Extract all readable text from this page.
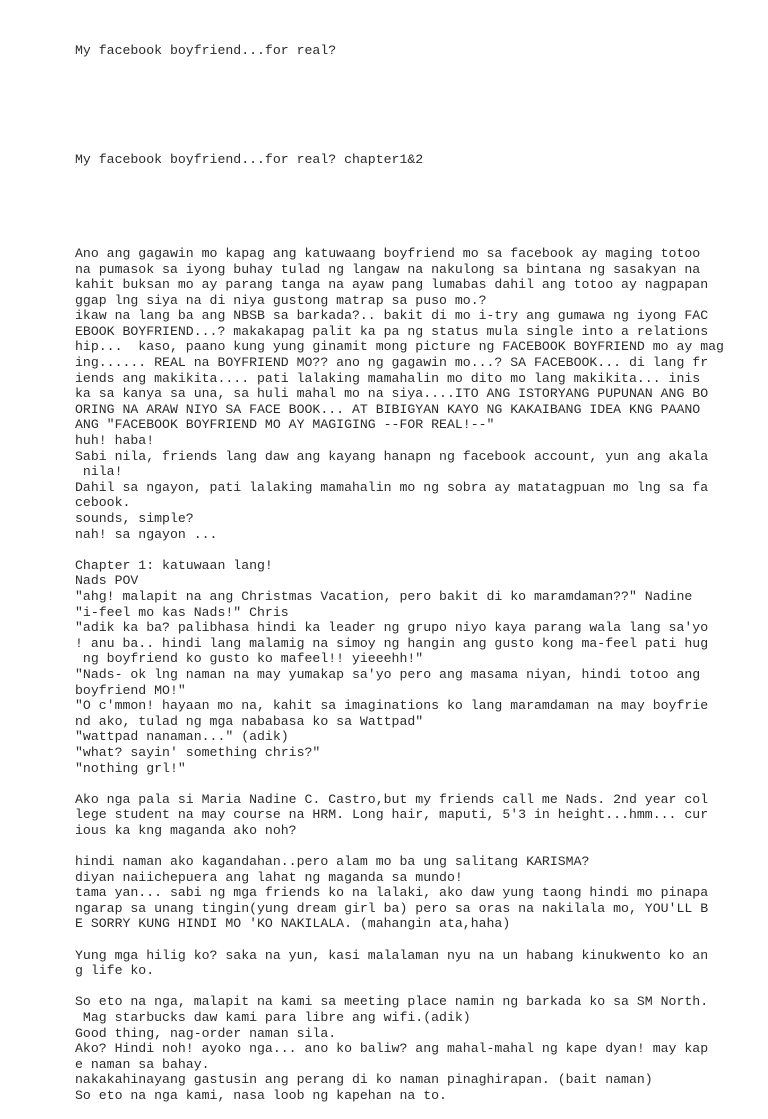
My facebook boyfriend...for real?

My facebook boyfriend...for real? chapter1&2

Ano ang gagawin mo kapag ang katuwaang boyfriend mo sa facebook ay maging totoo
na pumasok sa iyong buhay tulad ng langaw na nakulong sa bintana ng sasakyan na
kahit buksan mo ay parang tanga na ayaw pang lumabas dahil ang totoo ay nagpapan
ggap lng siya na di niya gustong matrap sa puso mo.?
ikaw na lang ba ang NBSB sa barkada?.. bakit di mo i-try ang gumawa ng iyong FAC
EBOOK BOYFRIEND...? makakapag palit ka pa ng status mula single into a relations
hip...  kaso, paano kung yung ginamit mong picture ng FACEBOOK BOYFRIEND mo ay mag
ing...... REAL na BOYFRIEND MO?? ano ng gagawin mo...? SA FACEBOOK... di lang fr
iends ang makikita.... pati lalaking mamahalin mo dito mo lang makikita... inis
ka sa kanya sa una, sa huli mahal mo na siya....ITO ANG ISTORYANG PUPUNAN ANG BO
ORING NA ARAW NIYO SA FACE BOOK... AT BIBIGYAN KAYO NG KAKAIBANG IDEA KNG PAANO
ANG "FACEBOOK BOYFRIEND MO AY MAGIGING --FOR REAL!--"
huh! haba!
Sabi nila, friends lang daw ang kayang hanapn ng facebook account, yun ang akala
nila!
Dahil sa ngayon, pati lalaking mamahalin mo ng sobra ay matatagpuan mo lng sa fa
cebook.
sounds, simple?
nah! sa ngayon ...
Chapter 1: katuwaan lang!
Nads POV
"ahg! malapit na ang Christmas Vacation, pero bakit di ko maramdaman??" Nadine
"i-feel mo kas Nads!" Chris
"adik ka ba? palibhasa hindi ka leader ng grupo niyo kaya parang wala lang sa'yo
! anu ba.. hindi lang malamig na simoy ng hangin ang gusto kong ma-feel pati hug
ng boyfriend ko gusto ko mafeel!! yieeehh!"
"Nads- ok lng naman na may yumakap sa'yo pero ang masama niyan, hindi totoo ang
boyfriend MO!"
"O c'mmon! hayaan mo na, kahit sa imaginations ko lang maramdaman na may boyfrie
nd ako, tulad ng mga nababasa ko sa Wattpad"
"wattpad nanaman..." (adik)
"what? sayin' something chris?"
"nothing grl!"
Ako nga pala si Maria Nadine C. Castro,but my friends call me Nads. 2nd year col
lege student na may course na HRM. Long hair, maputi, 5'3 in height...hmm... cur
ious ka kng maganda ako noh?
hindi naman ako kagandahan..pero alam mo ba ung salitang KARISMA?
diyan naiichepuera ang lahat ng maganda sa mundo!
tama yan... sabi ng mga friends ko na lalaki, ako daw yung taong hindi mo pinapa
ngarap sa unang tingin(yung dream girl ba) pero sa oras na nakilala mo, YOU'LL B
E SORRY KUNG HINDI MO 'KO NAKILALA. (mahangin ata,haha)
Yung mga hilig ko? saka na yun, kasi malalaman nyu na un habang kinukwento ko an
g life ko.
So eto na nga, malapit na kami sa meeting place namin ng barkada ko sa SM North.
Mag starbucks daw kami para libre ang wifi.(adik)
Good thing, nag-order naman sila.
Ako? Hindi noh! ayoko nga... ano ko baliw? ang mahal-mahal ng kape dyan! may kap
e naman sa bahay.
nakakahinayang gastusin ang perang di ko naman pinaghirapan. (bait naman)
So eto na nga kami, nasa loob ng kapehan na to.
